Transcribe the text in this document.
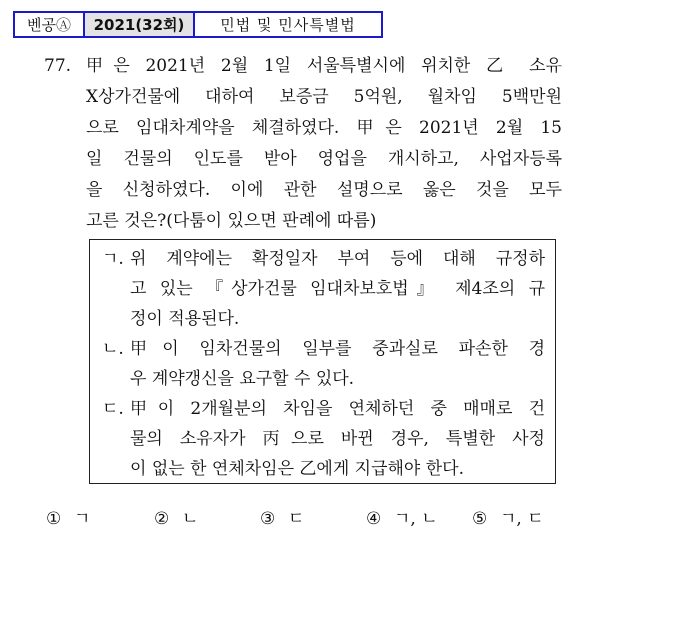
벤공Ⓐ	2021(32회)	민법 및 민사특별법
77. 甲은 2021년 2월 1일 서울특별시에 위치한 乙 소유
X상가건물에 대하여 보증금 5억원, 월차임 5백만원
으로 임대차계약을 체결하였다. 甲은 2021년 2월 15
일 건물의 인도를 받아 영업을 개시하고, 사업자등록
을 신청하였다. 이에 관한 설명으로 옳은 것을 모두
고른 것은?(다툼이 있으면 판례에 따름)
ㄱ. 위 계약에는 확정일자 부여 등에 대해 규정하
고 있는 『상가건물 임대차보호법』 제4조의 규
정이 적용된다.
ㄴ. 甲이 임차건물의 일부를 중과실로 파손한 경
우 계약갱신을 요구할 수 있다.
ㄷ. 甲이 2개월분의 차임을 연체하던 중 매매로 건
물의 소유자가 丙으로 바뀐 경우, 특별한 사정
이 없는 한 연체차임은 乙에게 지급해야 한다.
① ㄱ	② ㄴ	③ ㄷ	④ ㄱ, ㄴ ⑤ ㄱ, ㄷ
